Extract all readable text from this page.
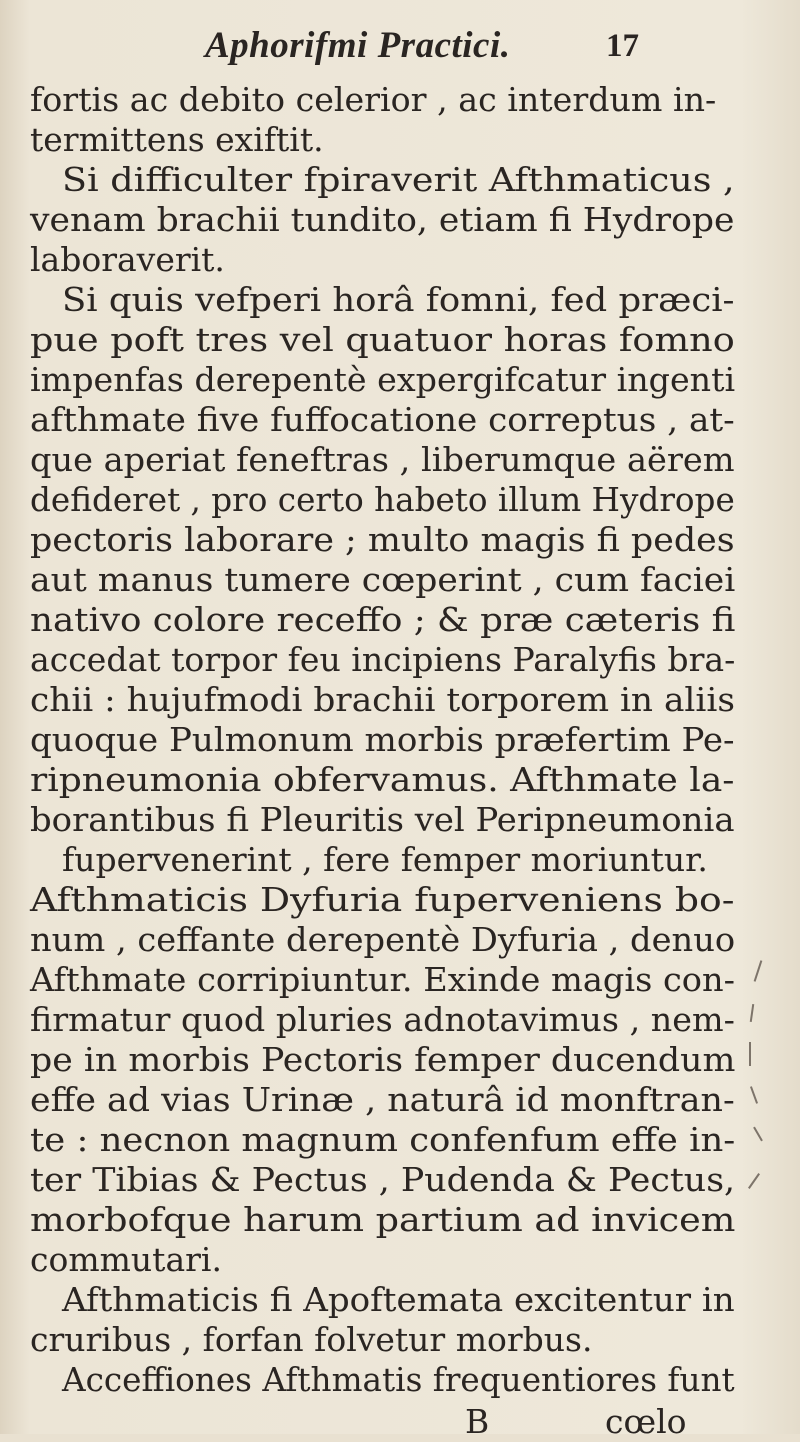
Aphorifmi Practici.	17
fortis ac debito celerior , ac interdum in-
termittens exiftit.
Si difficulter fpiraverit Afthmaticus ,
venam brachii tundito, etiam fi Hydrope
laboraverit.
Si quis vefperi horâ fomni, fed præci-
pue poft tres vel quatuor horas fomno
impenfas derepentè expergifcatur ingenti
afthmate five fuffocatione correptus , at-
que aperiat feneftras , liberumque aërem
defideret , pro certo habeto illum Hydrope
pectoris laborare ; multo magis fi pedes
aut manus tumere cœperint , cum faciei
nativo colore receffo ; & præ cæteris fi
accedat torpor feu incipiens Paralyfis bra-
chii : hujufmodi brachii torporem in aliis
quoque Pulmonum morbis præfertim Pe-
ripneumonia obfervamus. Afthmate la-
borantibus fi Pleuritis vel Peripneumonia
fupervenerint , fere femper moriuntur.
Afthmaticis Dyfuria fuperveniens bo-
num , ceffante derepentè Dyfuria , denuo
Afthmate corripiuntur. Exinde magis con-
firmatur quod pluries adnotavimus , nem-
pe in morbis Pectoris femper ducendum
effe ad vias Urinæ , naturâ id monftran-
te : necnon magnum confenfum effe in-
ter Tibias & Pectus , Pudenda & Pectus,
morbofque harum partium ad invicem
commutari.
Afthmaticis fi Apoftemata excitentur in
cruribus , forfan folvetur morbus.
Acceffiones Afthmatis frequentiores funt
B	cœlo
